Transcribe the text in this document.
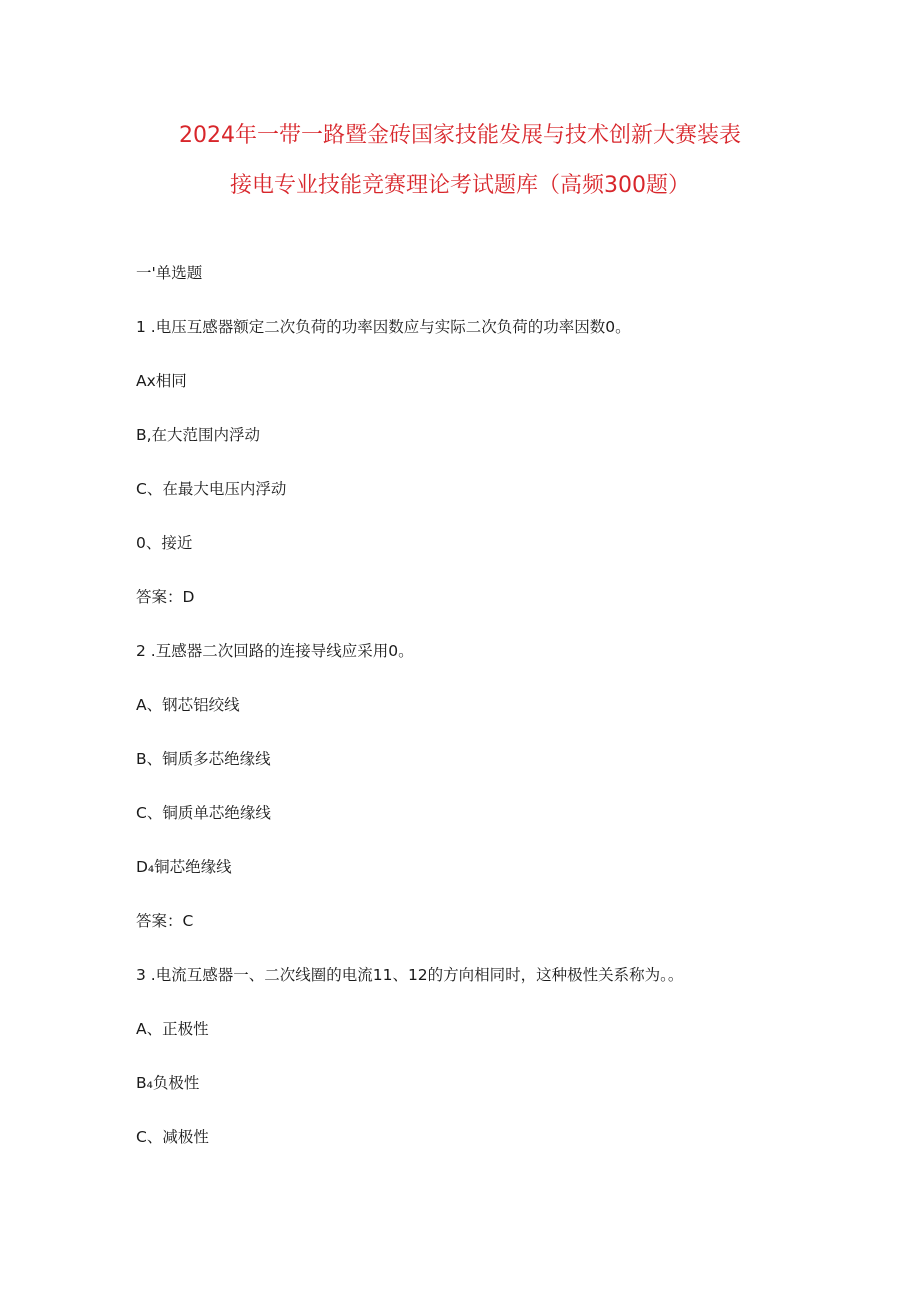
2024年一带一路暨金砖国家技能发展与技术创新大赛装表
接电专业技能竞赛理论考试题库（高频300题）
一'单选题
1 .电压互感器额定二次负荷的功率因数应与实际二次负荷的功率因数0。
Ax相同
B,在大范围内浮动
C、在最大电压内浮动
0、接近
答案：D
2 .互感器二次回路的连接导线应采用0。
A、钢芯铝绞线
B、铜质多芯绝缘线
C、铜质单芯绝缘线
D₄铜芯绝缘线
答案：C
3 .电流互感器一、二次线圈的电流11、12的方向相同时，这种极性关系称为。。
A、正极性
B₄负极性
C、减极性
